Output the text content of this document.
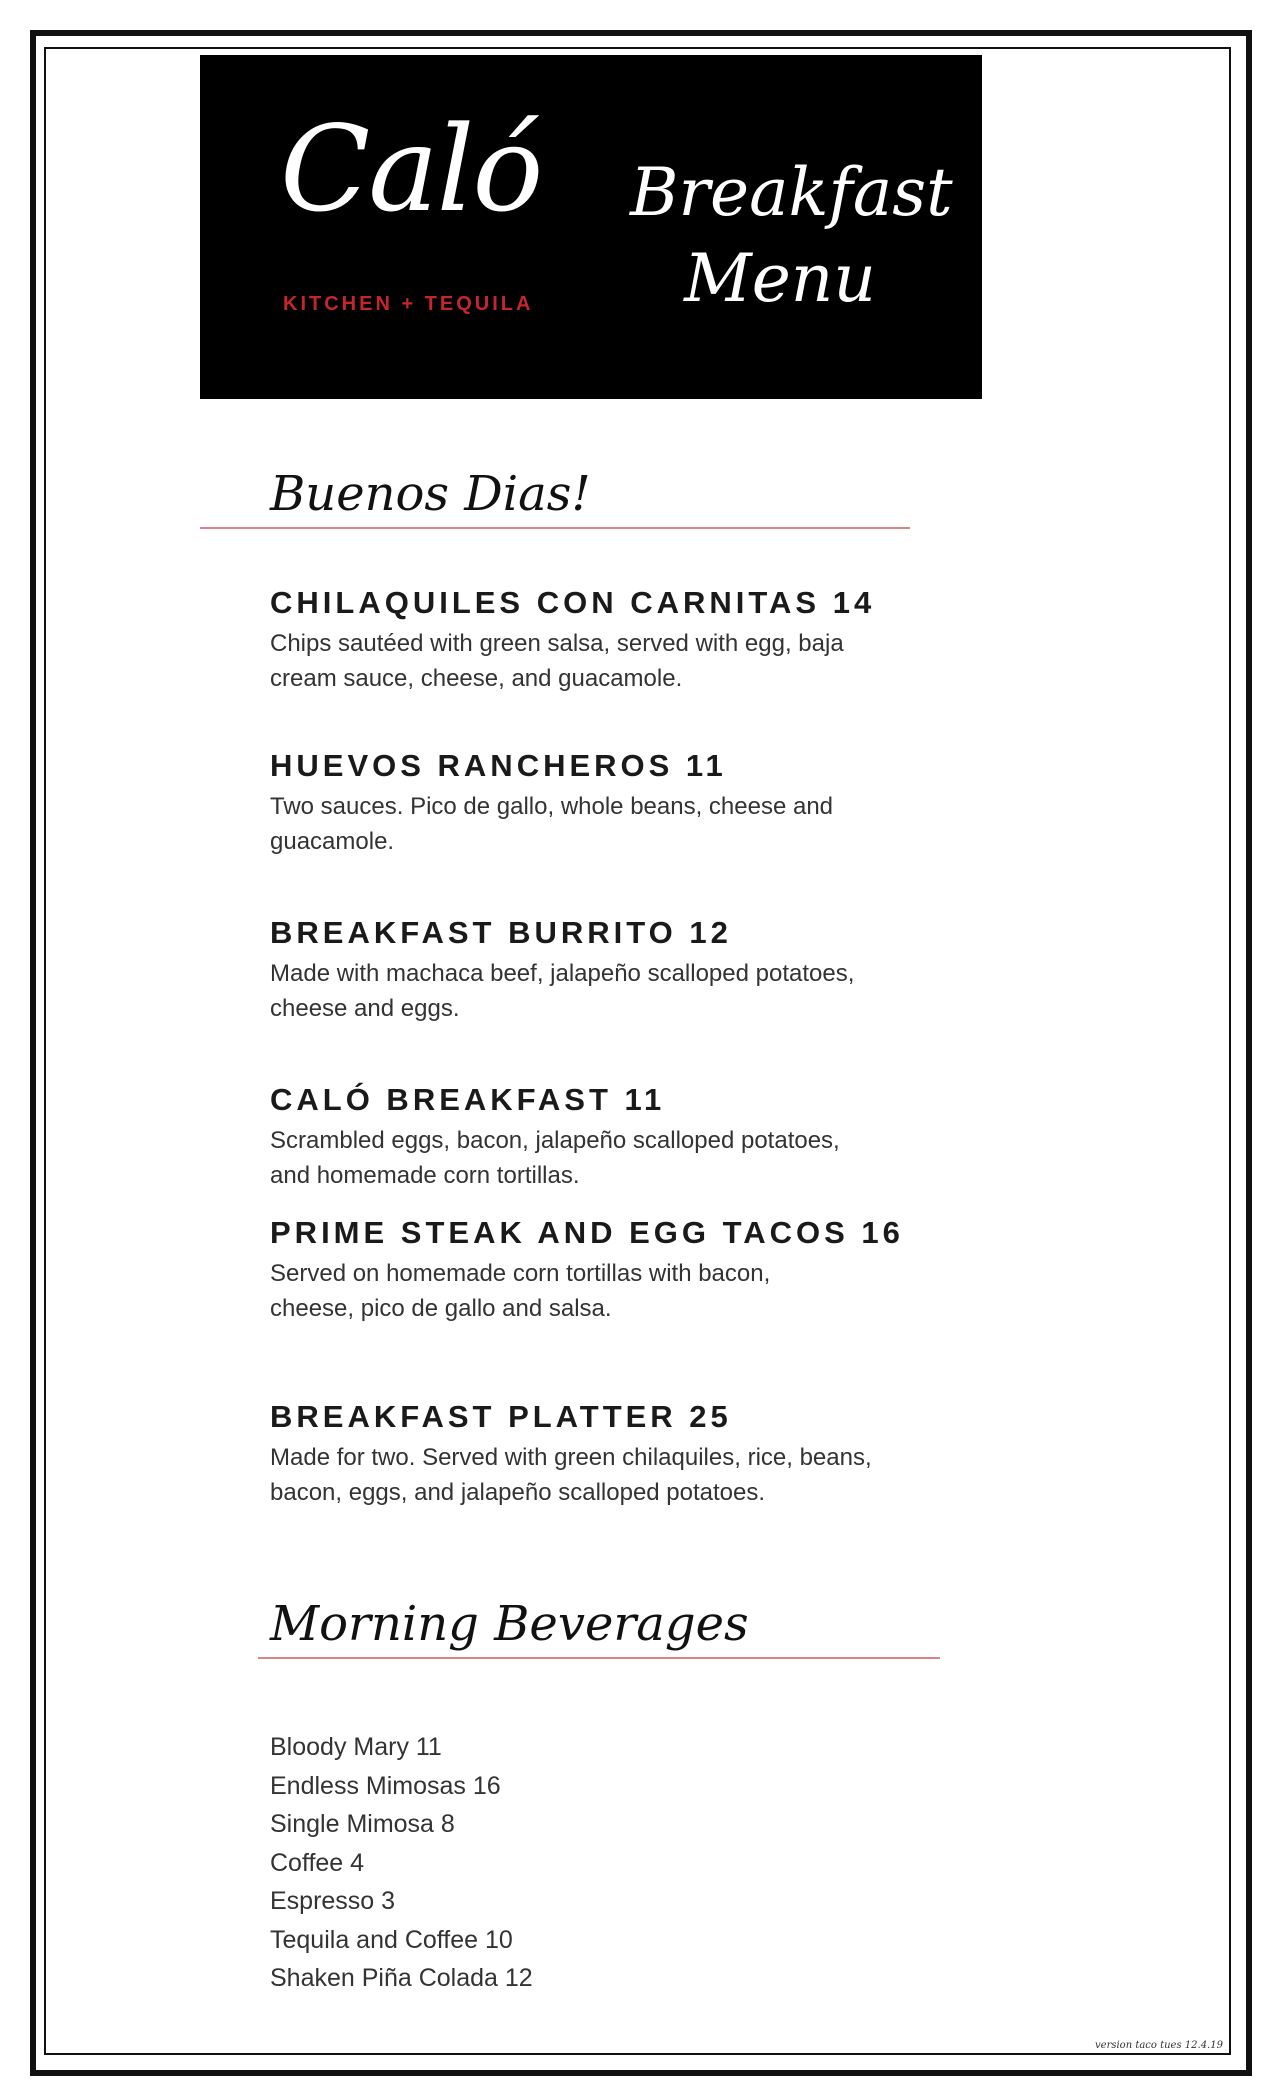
Caló
KITCHEN + TEQUILA
Breakfast
Menu
Buenos Dias!
CHILAQUILES CON CARNITAS 14
Chips sautéed with green salsa, served with egg, baja
cream sauce, cheese, and guacamole.
HUEVOS RANCHEROS 11
Two sauces. Pico de gallo, whole beans, cheese and
guacamole.
BREAKFAST BURRITO 12
Made with machaca beef, jalapeño scalloped potatoes,
cheese and eggs.
CALÓ BREAKFAST 11
Scrambled eggs, bacon, jalapeño scalloped potatoes,
and homemade corn tortillas.
PRIME STEAK AND EGG TACOS 16
Served on homemade corn tortillas with bacon,
cheese, pico de gallo and salsa.
BREAKFAST PLATTER 25
Made for two. Served with green chilaquiles, rice, beans,
bacon, eggs, and jalapeño scalloped potatoes.
Morning Beverages
Bloody Mary 11
Endless Mimosas 16
Single Mimosa 8
Coffee 4
Espresso 3
Tequila and Coffee 10
Shaken Piña Colada 12
version taco tues 12.4.19
